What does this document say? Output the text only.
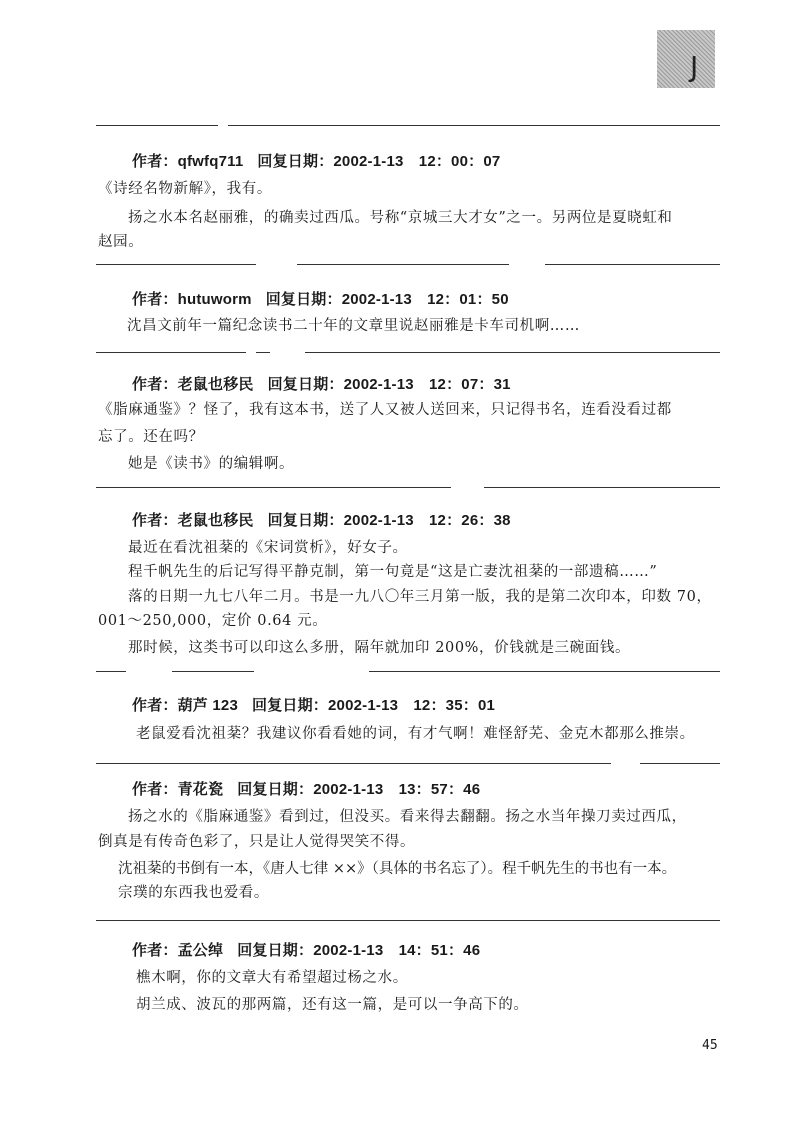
J
作者：qfwfq711 回复日期：2002-1-13　12：00：07
《诗经名物新解》，我有。
扬之水本名赵丽雅，的确卖过西瓜。号称“京城三大才女”之一。另两位是夏晓虹和
赵园。
作者：hutuworm 回复日期：2002-1-13　12：01：50
沈昌文前年一篇纪念读书二十年的文章里说赵丽雅是卡车司机啊……
作者：老鼠也移民 回复日期：2002-1-13　12：07：31
《脂麻通鉴》？怪了，我有这本书，送了人又被人送回来，只记得书名，连看没看过都
忘了。还在吗？
她是《读书》的编辑啊。
作者：老鼠也移民 回复日期：2002-1-13　12：26：38
最近在看沈祖棻的《宋词赏析》，好女子。
程千帆先生的后记写得平静克制，第一句竟是“这是亡妻沈祖棻的一部遗稿……”
落的日期一九七八年二月。书是一九八〇年三月第一版，我的是第二次印本，印数 70，
001～250,000，定价 0.64 元。
那时候，这类书可以印这么多册，隔年就加印 200%，价钱就是三碗面钱。
作者：葫芦 123 回复日期：2002-1-13　12：35：01
老鼠爱看沈祖棻？我建议你看看她的词，有才气啊！难怪舒芜、金克木都那么推崇。
作者：青花瓷 回复日期：2002-1-13　13：57：46
扬之水的《脂麻通鉴》看到过，但没买。看来得去翻翻。扬之水当年操刀卖过西瓜，
倒真是有传奇色彩了，只是让人觉得哭笑不得。
沈祖棻的书倒有一本，《唐人七律 ××》（具体的书名忘了）。程千帆先生的书也有一本。
宗璞的东西我也爱看。
作者：孟公绰 回复日期：2002-1-13　14：51：46
樵木啊，你的文章大有希望超过杨之水。
胡兰成、波瓦的那两篇，还有这一篇，是可以一争高下的。
45
